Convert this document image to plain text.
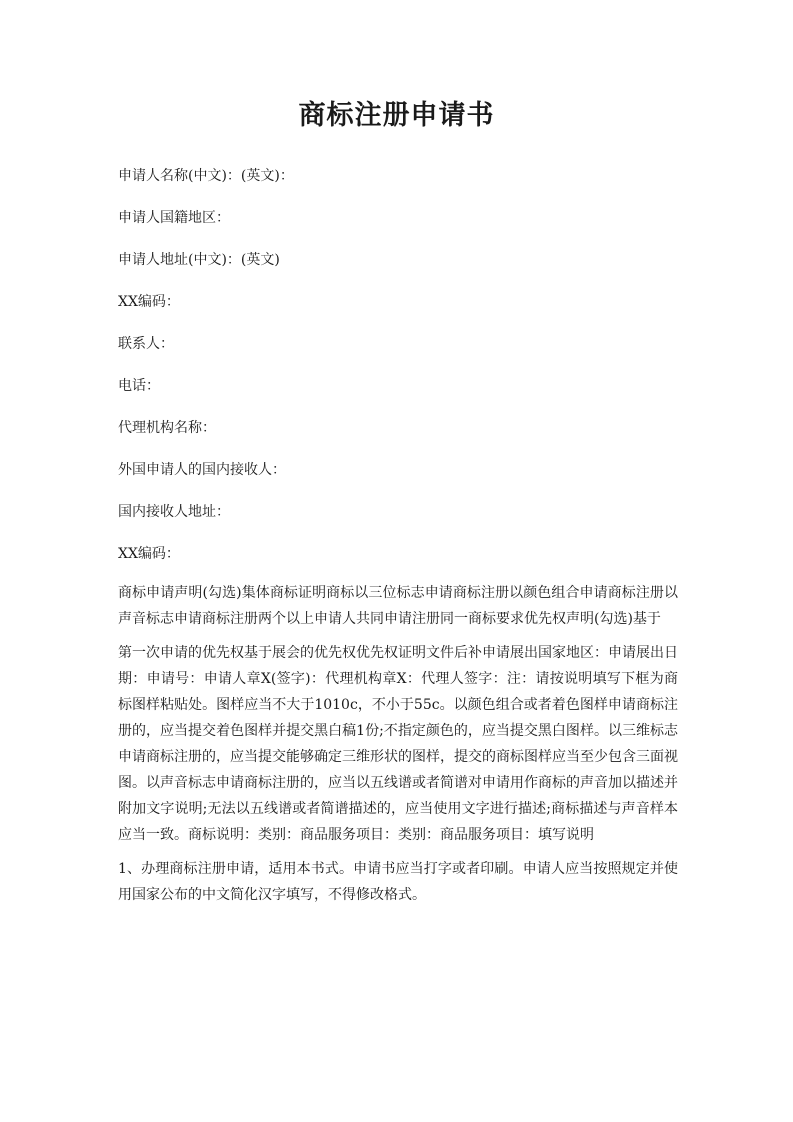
商标注册申请书

申请人名称(中文)：(英文)：

申请人国籍地区：

申请人地址(中文)：(英文)

XX编码：

联系人：

电话：

代理机构名称：

外国申请人的国内接收人：

国内接收人地址：

XX编码：

商标申请声明(勾选)集体商标证明商标以三位标志申请商标注册以颜色组合申请商标注册以声音标志申请商标注册两个以上申请人共同申请注册同一商标要求优先权声明(勾选)基于

第一次申请的优先权基于展会的优先权优先权证明文件后补申请展出国家地区：申请展出日期：申请号：申请人章X(签字)：代理机构章X：代理人签字：注：请按说明填写下框为商标图样粘贴处。图样应当不大于1010c，不小于55c。以颜色组合或者着色图样申请商标注册的，应当提交着色图样并提交黑白稿1份;不指定颜色的，应当提交黑白图样。以三维标志申请商标注册的，应当提交能够确定三维形状的图样，提交的商标图样应当至少包含三面视图。以声音标志申请商标注册的，应当以五线谱或者简谱对申请用作商标的声音加以描述并附加文字说明;无法以五线谱或者简谱描述的，应当使用文字进行描述;商标描述与声音样本应当一致。商标说明：类别：商品服务项目：类别：商品服务项目：填写说明

1、办理商标注册申请，适用本书式。申请书应当打字或者印刷。申请人应当按照规定并使用国家公布的中文简化汉字填写，不得修改格式。
